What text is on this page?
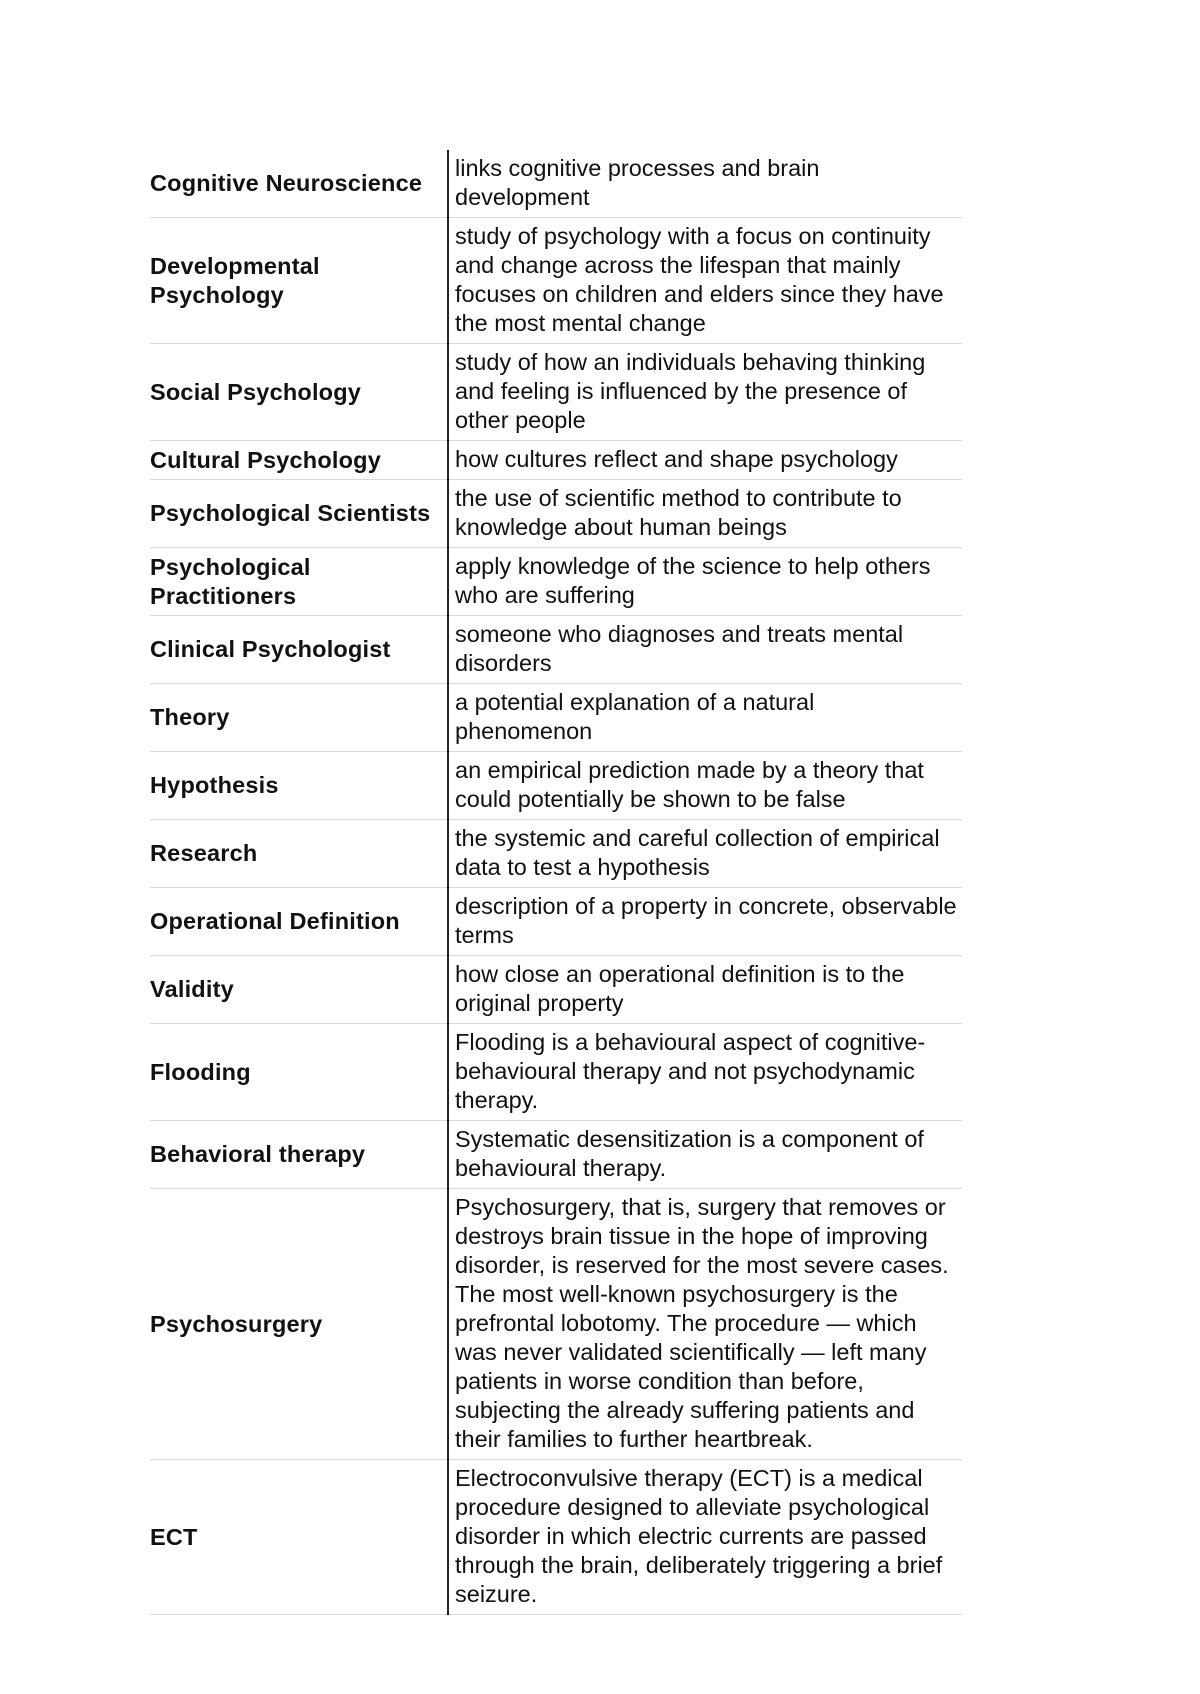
Cognitive Neuroscience	links cognitive processes and brain development
Developmental Psychology	study of psychology with a focus on continuity and change across the lifespan that mainly focuses on children and elders since they have the most mental change
Social Psychology	study of how an individuals behaving thinking and feeling is influenced by the presence of other people
Cultural Psychology	how cultures reflect and shape psychology
Psychological Scientists	the use of scientific method to contribute to knowledge about human beings
Psychological Practitioners	apply knowledge of the science to help others who are suffering
Clinical Psychologist	someone who diagnoses and treats mental disorders
Theory	a potential explanation of a natural phenomenon
Hypothesis	an empirical prediction made by a theory that could potentially be shown to be false
Research	the systemic and careful collection of empirical data to test a hypothesis
Operational Definition	description of a property in concrete, observable terms
Validity	how close an operational definition is to the original property
Flooding	Flooding is a behavioural aspect of cognitive-behavioural therapy and not psychodynamic therapy.
Behavioral therapy	Systematic desensitization is a component of behavioural therapy.
Psychosurgery	Psychosurgery, that is, surgery that removes or destroys brain tissue in the hope of improving disorder, is reserved for the most severe cases. The most well-known psychosurgery is the prefrontal lobotomy. The procedure — which was never validated scientifically — left many patients in worse condition than before, subjecting the already suffering patients and their families to further heartbreak.
ECT	Electroconvulsive therapy (ECT) is a medical procedure designed to alleviate psychological disorder in which electric currents are passed through the brain, deliberately triggering a brief seizure.
